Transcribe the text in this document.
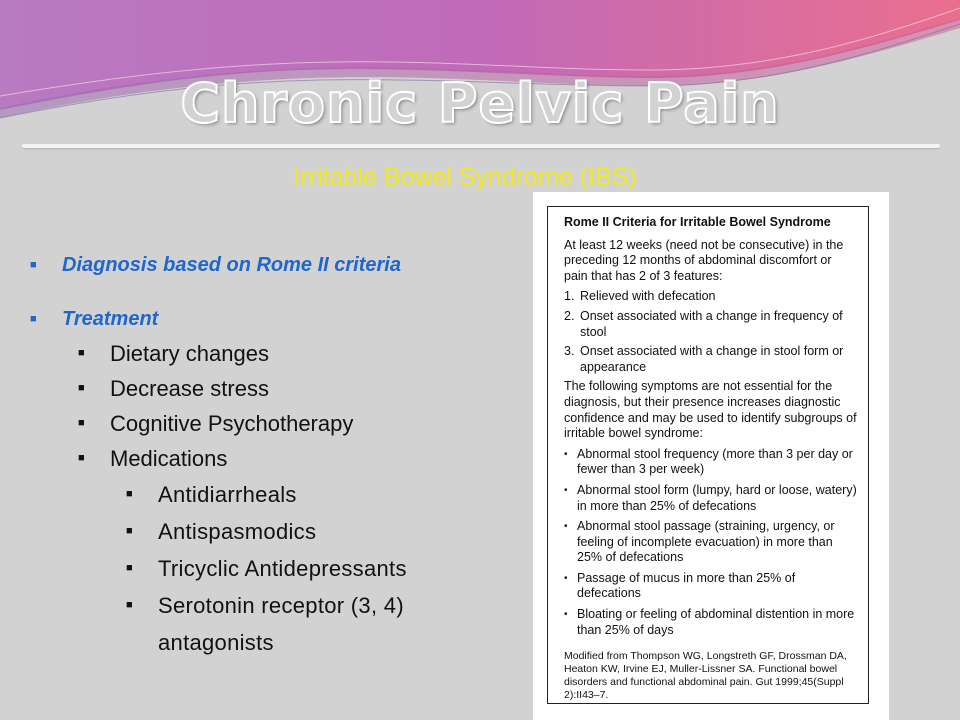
Chronic Pelvic Pain
Irritable Bowel Syndrome (IBS)
■ Diagnosis based on Rome II criteria
■ Treatment
■ Dietary changes
■ Decrease stress
■ Cognitive Psychotherapy
■ Medications
■ Antidiarrheals
■ Antispasmodics
■ Tricyclic Antidepressants
■ Serotonin receptor (3, 4) antagonists
Rome II Criteria for Irritable Bowel Syndrome

At least 12 weeks (need not be consecutive) in the preceding 12 months of abdominal discomfort or pain that has 2 of 3 features:

1. Relieved with defecation
2. Onset associated with a change in frequency of stool
3. Onset associated with a change in stool form or appearance

The following symptoms are not essential for the diagnosis, but their presence increases diagnostic confidence and may be used to identify subgroups of irritable bowel syndrome:

• Abnormal stool frequency (more than 3 per day or fewer than 3 per week)
• Abnormal stool form (lumpy, hard or loose, watery) in more than 25% of defecations
• Abnormal stool passage (straining, urgency, or feeling of incomplete evacuation) in more than 25% of defecations
• Passage of mucus in more than 25% of defecations
• Bloating or feeling of abdominal distention in more than 25% of days
Modified from Thompson WG, Longstreth GF, Drossman DA, Heaton KW, Irvine EJ, Muller-Lissner SA. Functional bowel disorders and functional abdominal pain. Gut 1999;45(Suppl 2):II43–7.
